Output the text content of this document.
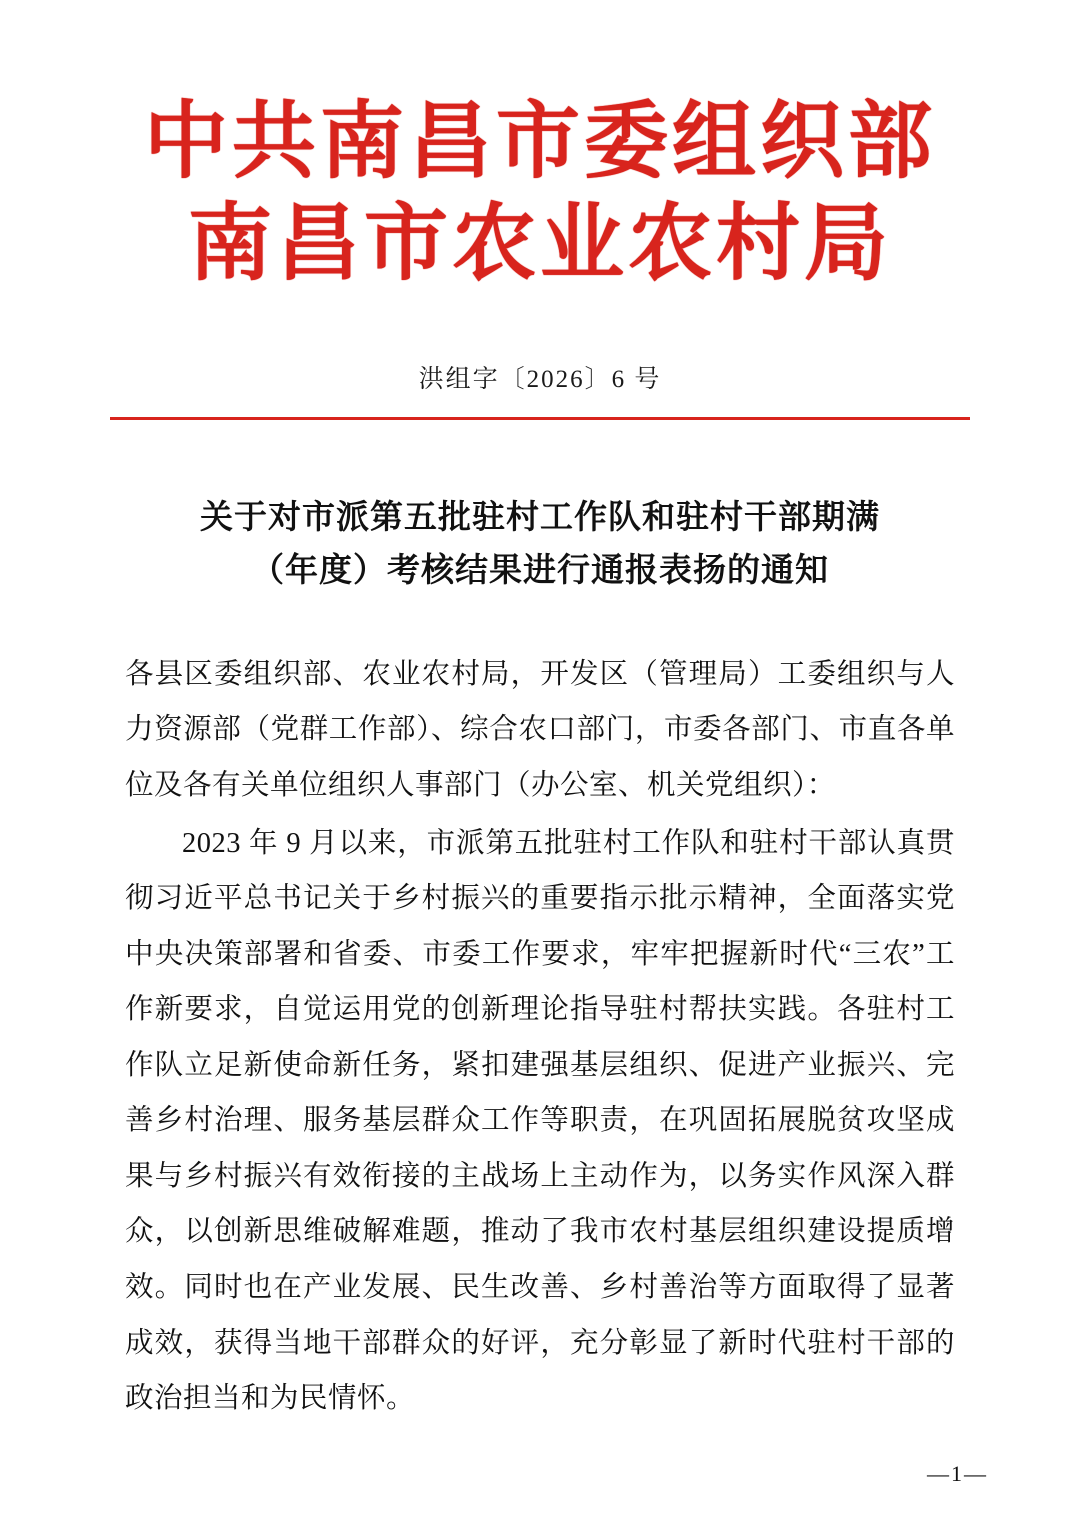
中共南昌市委组织部
南昌市农业农村局
洪组字〔2026〕6 号
关于对市派第五批驻村工作队和驻村干部期满
（年度）考核结果进行通报表扬的通知

各县区委组织部、农业农村局，开发区（管理局）工委组织与人力资源部（党群工作部）、综合农口部门，市委各部门、市直各单位及各有关单位组织人事部门（办公室、机关党组织）：

2023 年 9 月以来，市派第五批驻村工作队和驻村干部认真贯彻习近平总书记关于乡村振兴的重要指示批示精神，全面落实党中央决策部署和省委、市委工作要求，牢牢把握新时代“三农”工作新要求，自觉运用党的创新理论指导驻村帮扶实践。各驻村工作队立足新使命新任务，紧扣建强基层组织、促进产业振兴、完善乡村治理、服务基层群众工作等职责，在巩固拓展脱贫攻坚成果与乡村振兴有效衔接的主战场上主动作为，以务实作风深入群众，以创新思维破解难题，推动了我市农村基层组织建设提质增效。同时也在产业发展、民生改善、乡村善治等方面取得了显著成效，获得当地干部群众的好评，充分彰显了新时代驻村干部的政治担当和为民情怀。

—1—
